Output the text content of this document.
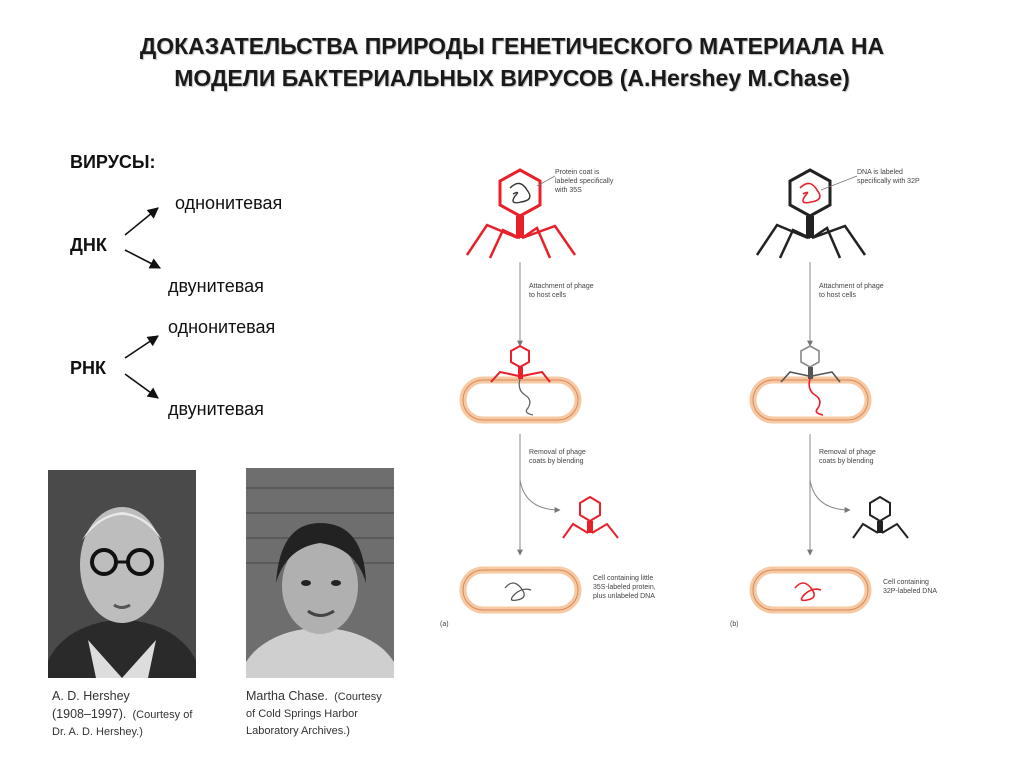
ДОКАЗАТЕЛЬСТВА ПРИРОДЫ ГЕНЕТИЧЕСКОГО МАТЕРИАЛА НА
МОДЕЛИ БАКТЕРИАЛЬНЫХ ВИРУСОВ (A.Hershey M.Chase)
ВИРУСЫ:
однонитевая
ДНК
двунитевая
однонитевая
РНК
двунитевая
A. D. Hershey
(1908–1997). (Courtesy of
Dr. A. D. Hershey.)
Martha Chase. (Courtesy
of Cold Springs Harbor
Laboratory Archives.)
Protein coat is
labeled specifically
with 35S
Attachment of phage
to host cells
Removal of phage
coats by blending
Cell containing little
35S-labeled protein,
plus unlabeled DNA
(a)
DNA is labeled
specifically with 32P
Attachment of phage
to host cells
Removal of phage
coats by blending
Cell containing
32P-labeled DNA
(b)
